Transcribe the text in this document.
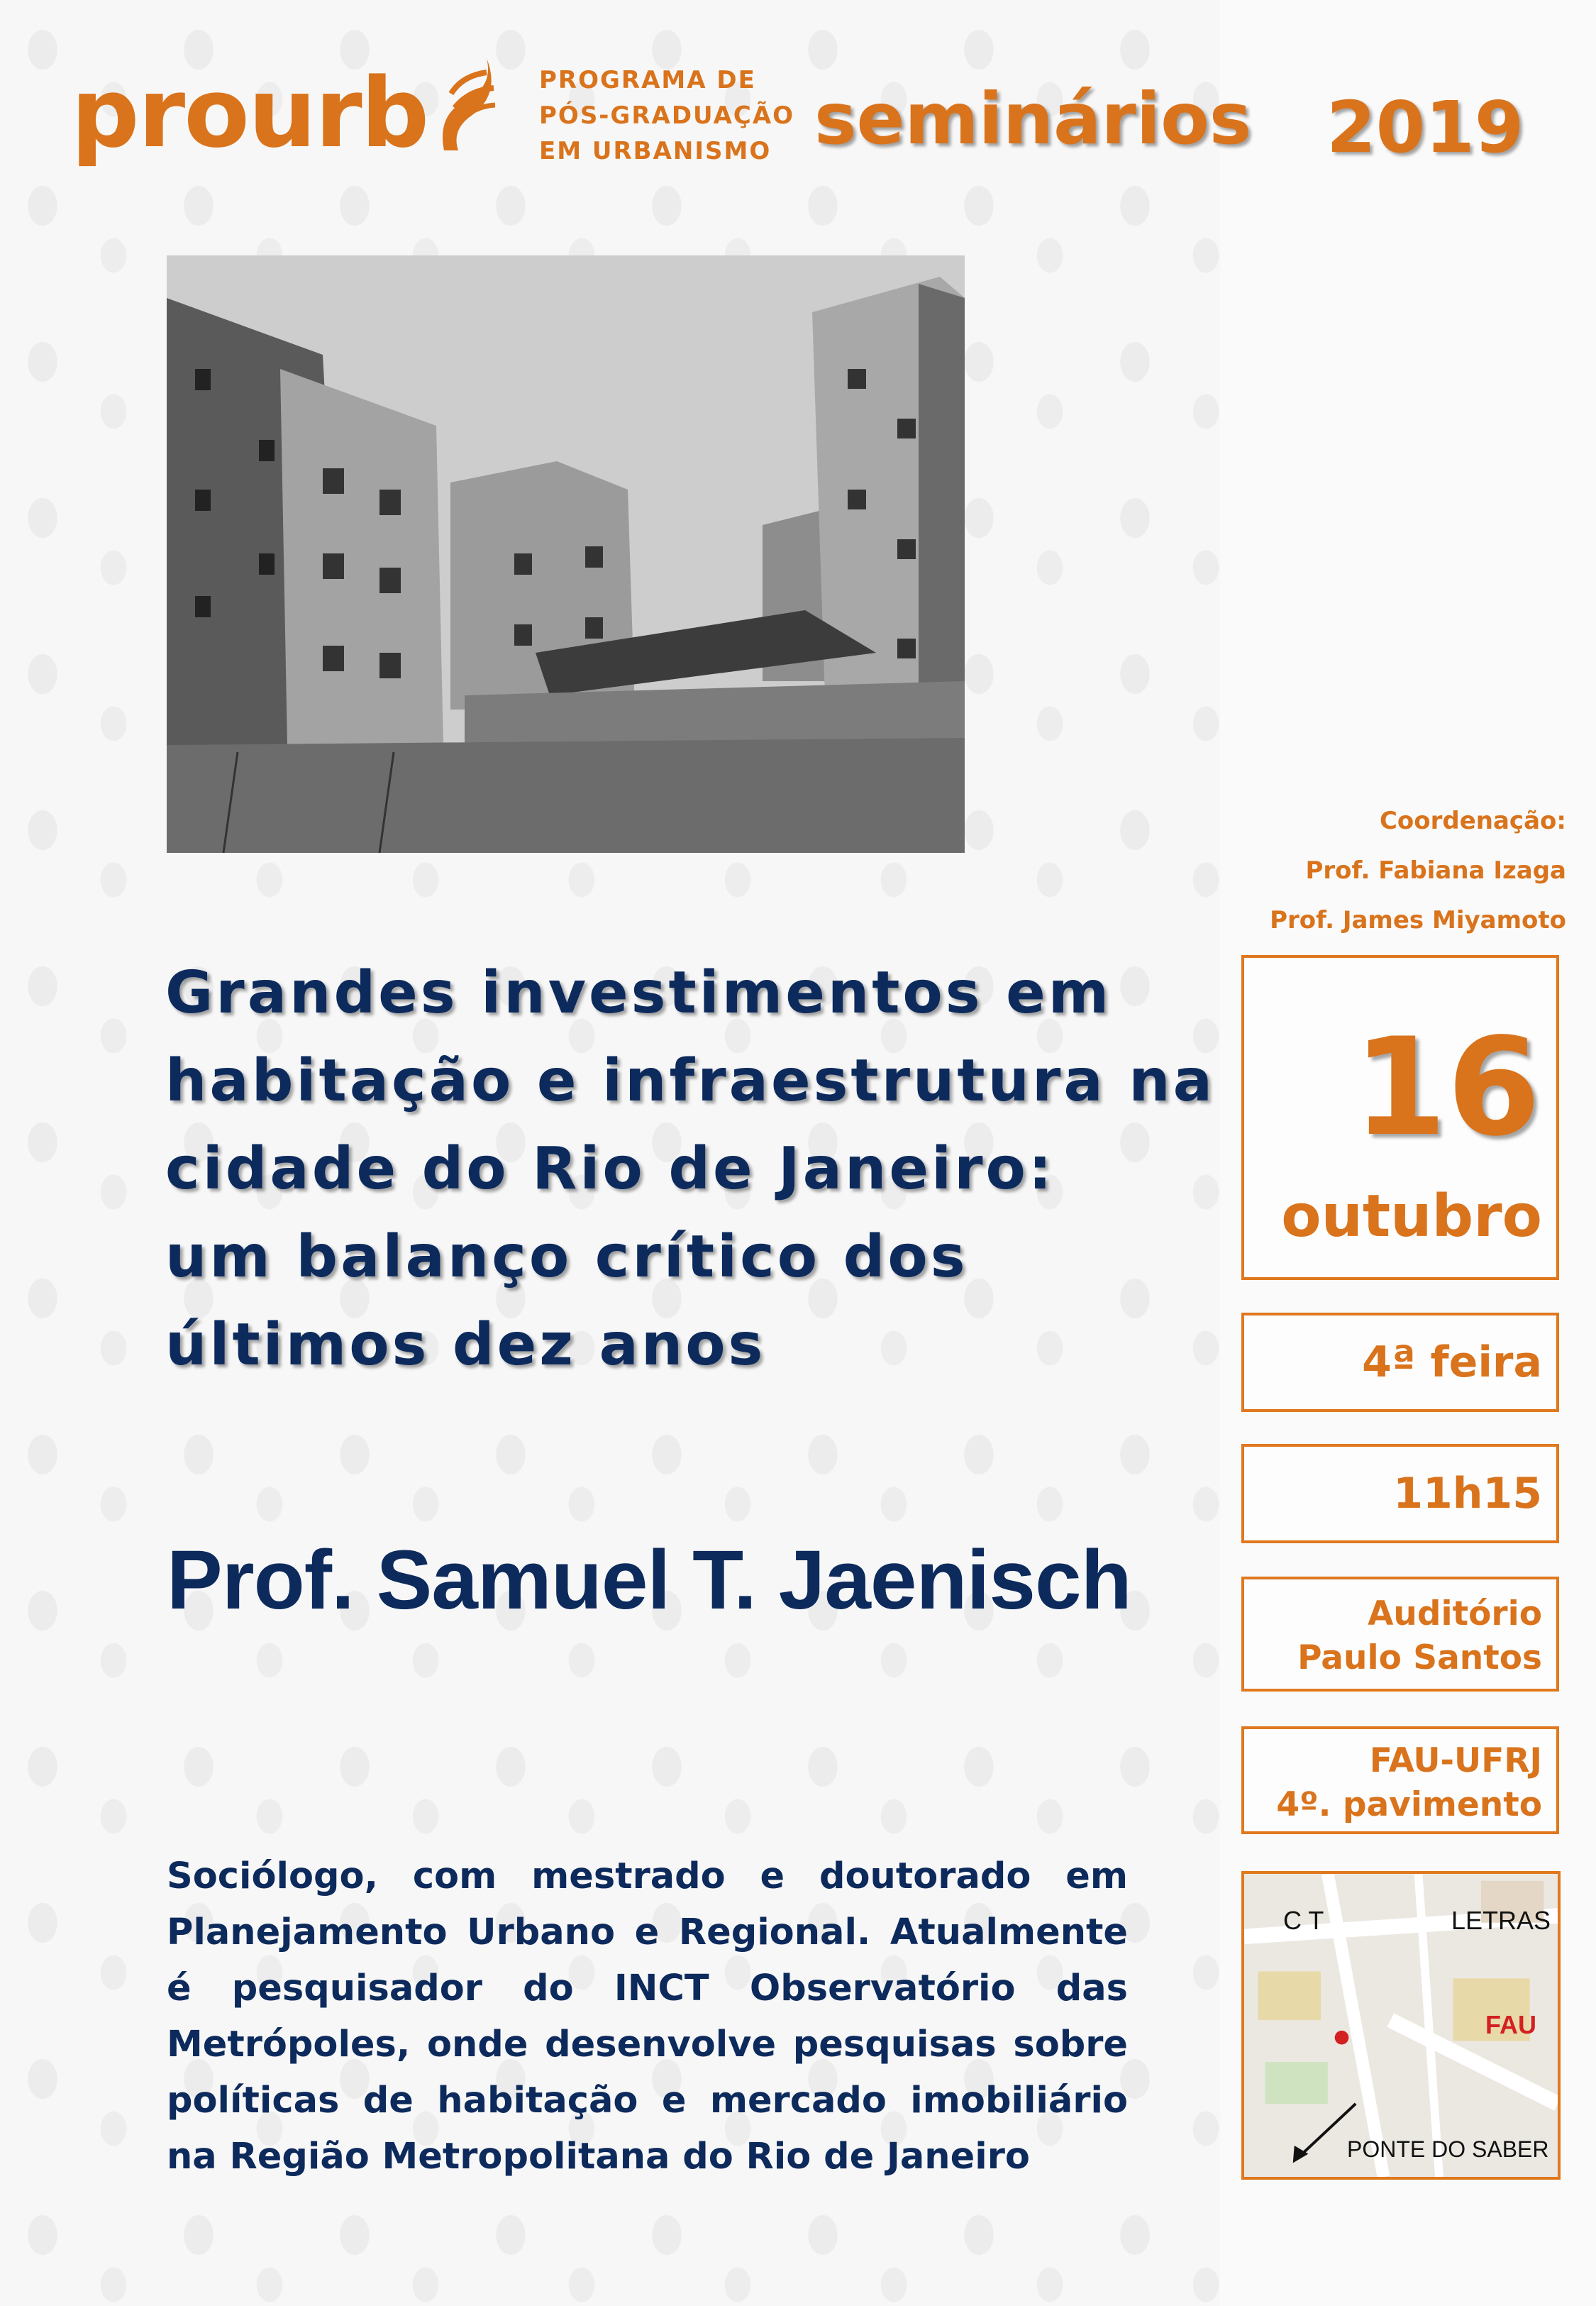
prourb	PROGRAMA DE
PÓS-GRADUAÇÃO
EM URBANISMO seminários 2019
Grandes investimentos em
habitação e infraestrutura na
cidade do Rio de Janeiro:
um balanço crítico dos
últimos dez anos
Prof. Samuel T. Jaenisch

Sociólogo, com mestrado e doutorado em Planejamento Urbano e Regional. Atualmente é pesquisador do INCT Observatório das Metrópoles, onde desenvolve pesquisas sobre políticas de habitação e mercado imobiliário na Região Metropolitana do Rio de Janeiro

Coordenação:
Prof. Fabiana Izaga
Prof. James Miyamoto
16
outubro
4ª feira
11h15
Auditório
Paulo Santos
FAU-UFRJ
4º. pavimento
C T	LETRAS
FAU
PONTE DO SABER
